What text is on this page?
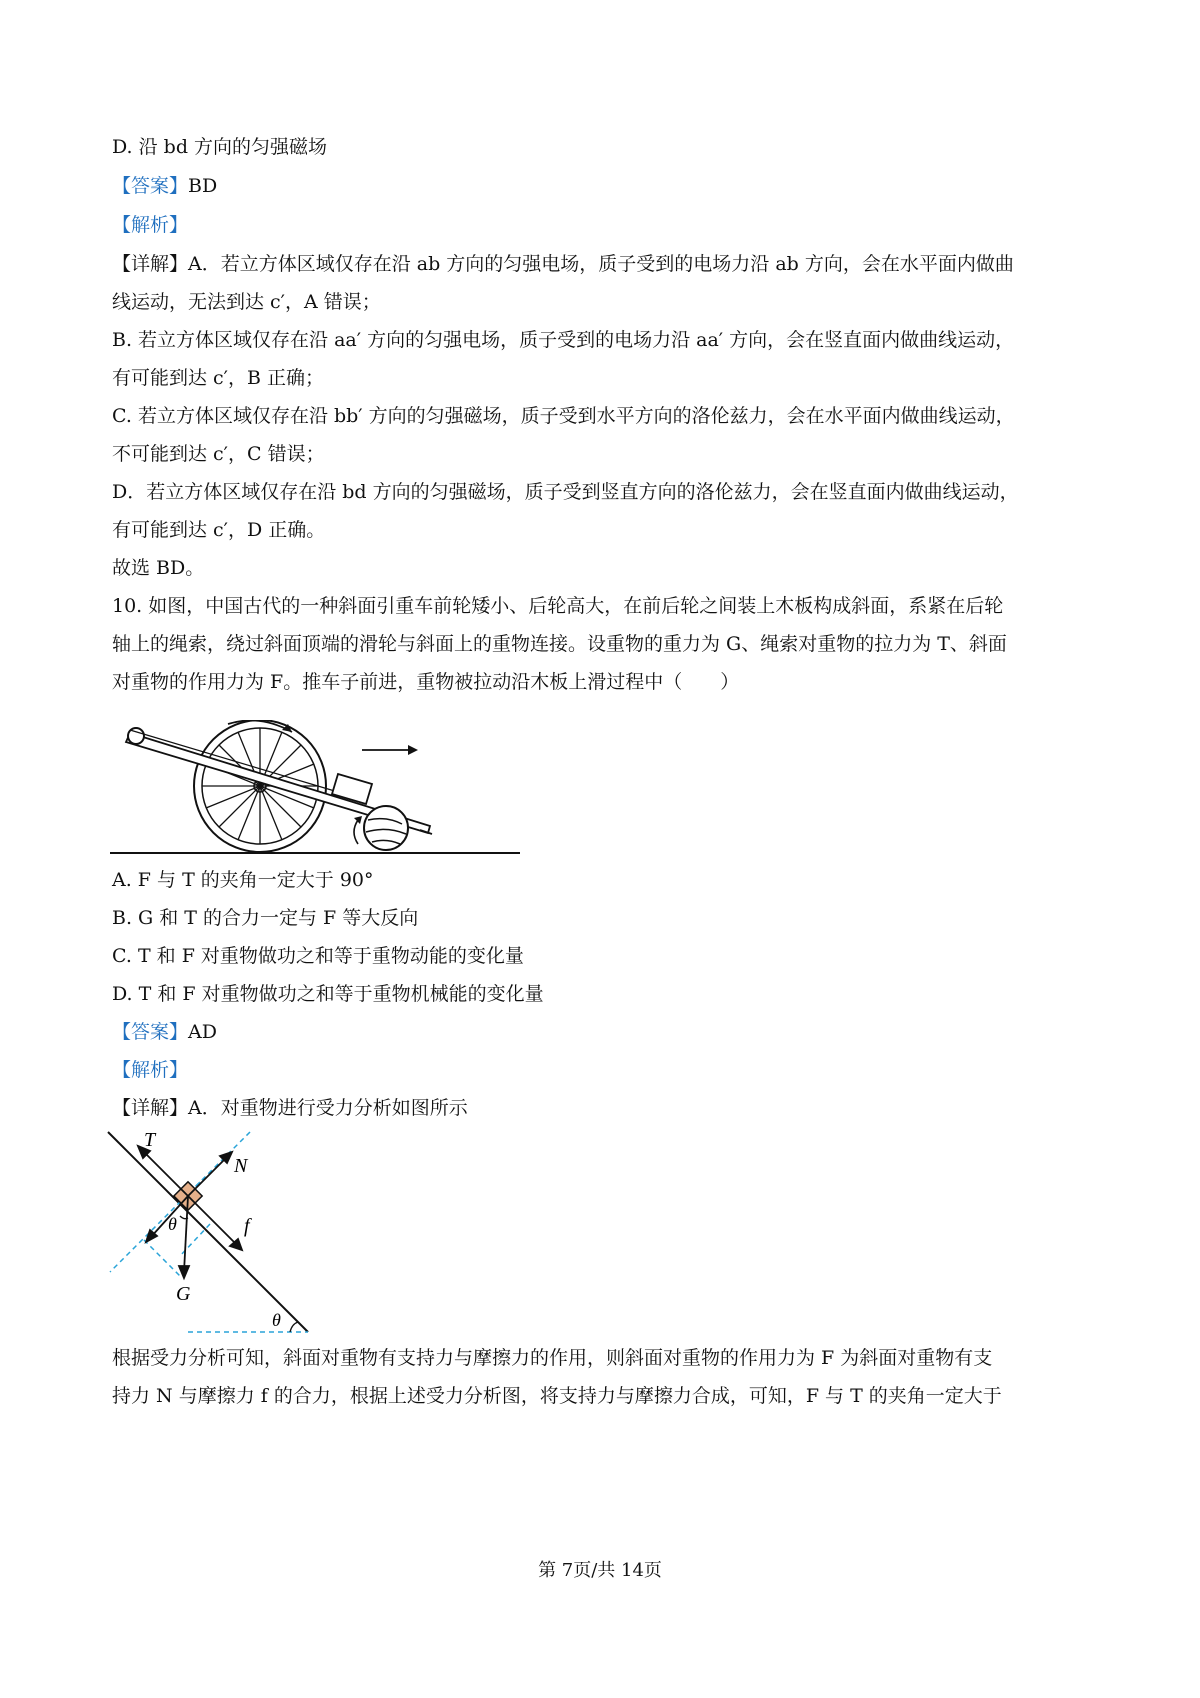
D. 沿 bd 方向的匀强磁场
【答案】BD
【解析】
【详解】A．若立方体区域仅存在沿 ab 方向的匀强电场，质子受到的电场力沿 ab 方向，会在水平面内做曲
线运动，无法到达 c′，A 错误；
B. 若立方体区域仅存在沿 aa′ 方向的匀强电场，质子受到的电场力沿 aa′ 方向，会在竖直面内做曲线运动，
有可能到达 c′，B 正确；
C. 若立方体区域仅存在沿 bb′ 方向的匀强磁场，质子受到水平方向的洛伦兹力，会在水平面内做曲线运动，
不可能到达 c′，C 错误；
D．若立方体区域仅存在沿 bd 方向的匀强磁场，质子受到竖直方向的洛伦兹力，会在竖直面内做曲线运动，
有可能到达 c′，D 正确。
故选 BD。
10. 如图，中国古代的一种斜面引重车前轮矮小、后轮高大，在前后轮之间装上木板构成斜面，系紧在后轮
轴上的绳索，绕过斜面顶端的滑轮与斜面上的重物连接。设重物的重力为 G、绳索对重物的拉力为 T、斜面
对重物的作用力为 F。推车子前进，重物被拉动沿木板上滑过程中（　　）
A. F 与 T 的夹角一定大于 90°
B. G 和 T 的合力一定与 F 等大反向
C. T 和 F 对重物做功之和等于重物动能的变化量
D. T 和 F 对重物做功之和等于重物机械能的变化量
【答案】AD
【解析】
【详解】A．对重物进行受力分析如图所示
T
N
f
G
θ
θ
根据受力分析可知，斜面对重物有支持力与摩擦力的作用，则斜面对重物的作用力为 F 为斜面对重物有支
持力 N 与摩擦力 f 的合力，根据上述受力分析图，将支持力与摩擦力合成，可知，F 与 T 的夹角一定大于
第 7页/共 14页
